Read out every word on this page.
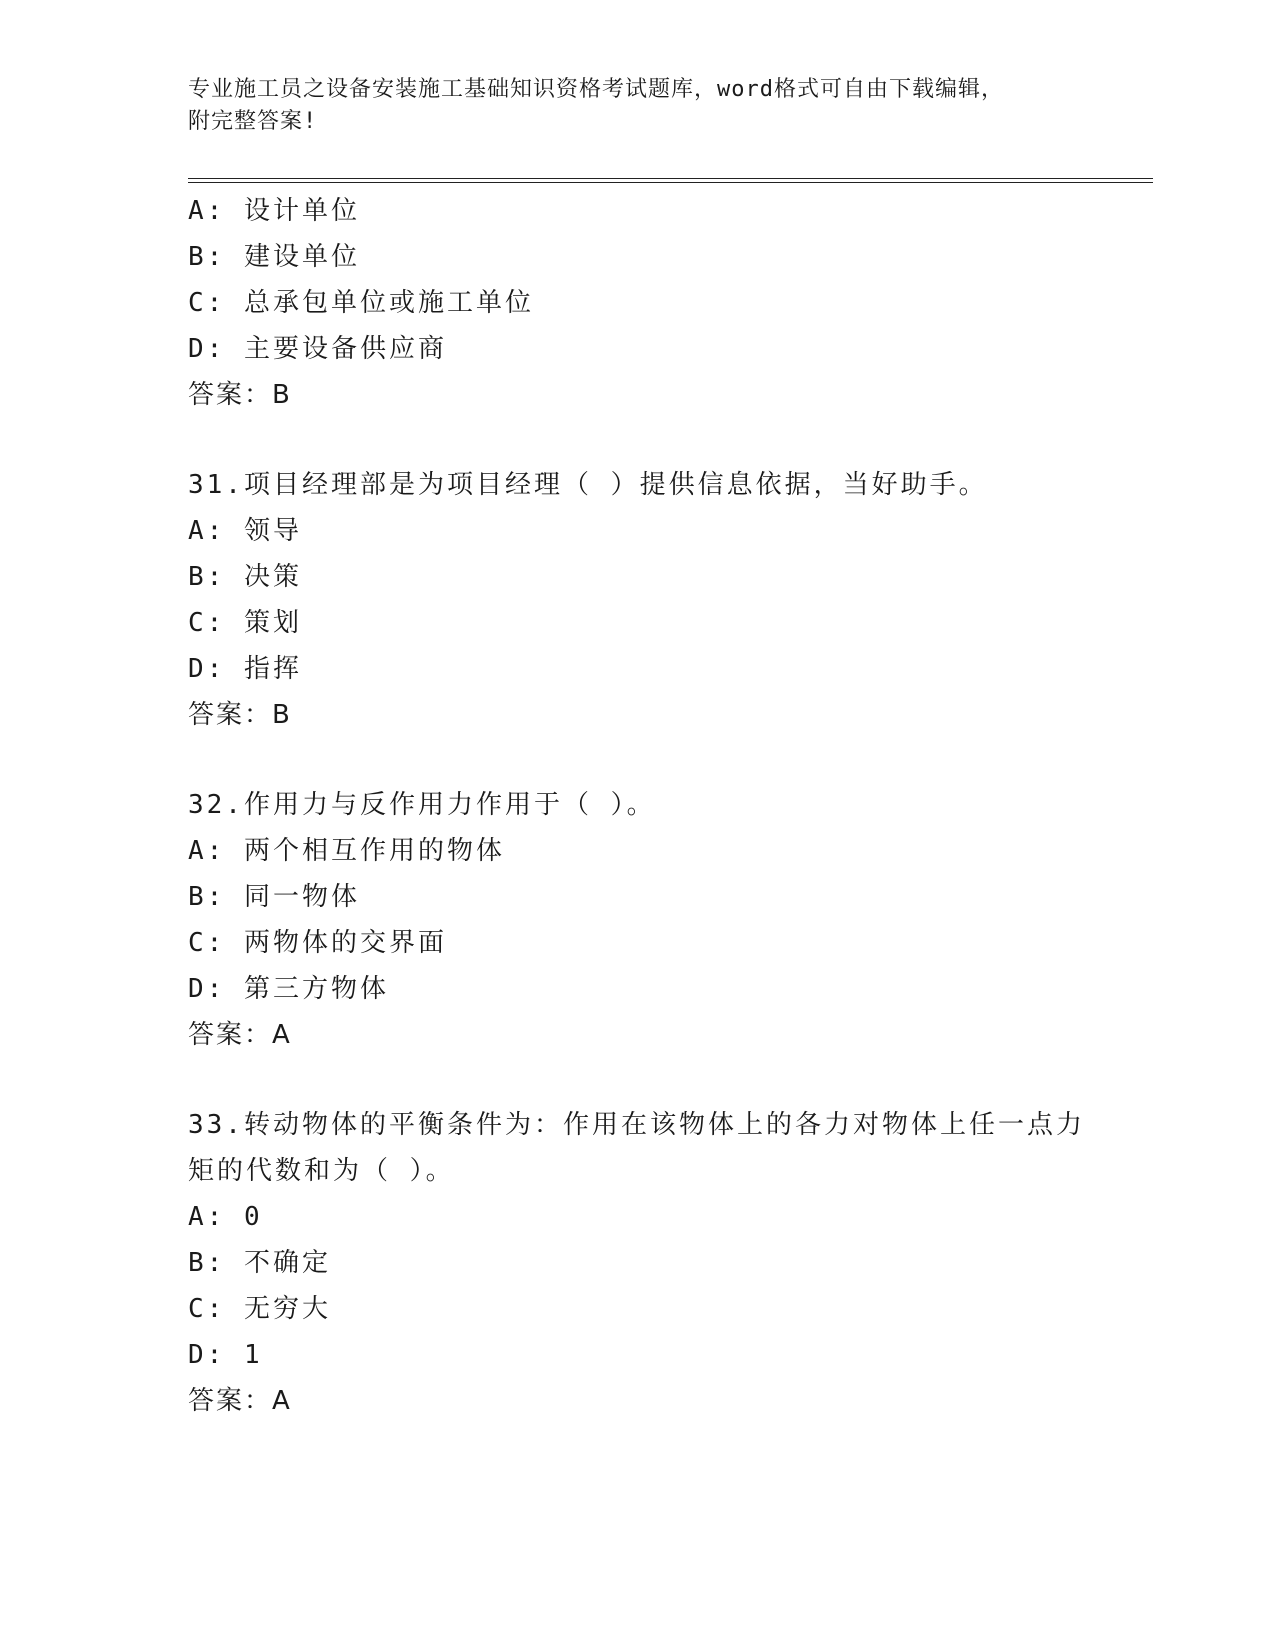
专业施工员之设备安装施工基础知识资格考试题库，word格式可自由下载编辑，
附完整答案!
A: 设计单位
B: 建设单位
C: 总承包单位或施工单位
D: 主要设备供应商
答案：B
31.项目经理部是为项目经理（ ）提供信息依据，当好助手。
A: 领导
B: 决策
C: 策划
D: 指挥
答案：B
32.作用力与反作用力作用于（ ）。
A: 两个相互作用的物体
B: 同一物体
C: 两物体的交界面
D: 第三方物体
答案：A
33.转动物体的平衡条件为：作用在该物体上的各力对物体上任一点力
矩的代数和为（ ）。
A: 0
B: 不确定
C: 无穷大
D: 1
答案：A
